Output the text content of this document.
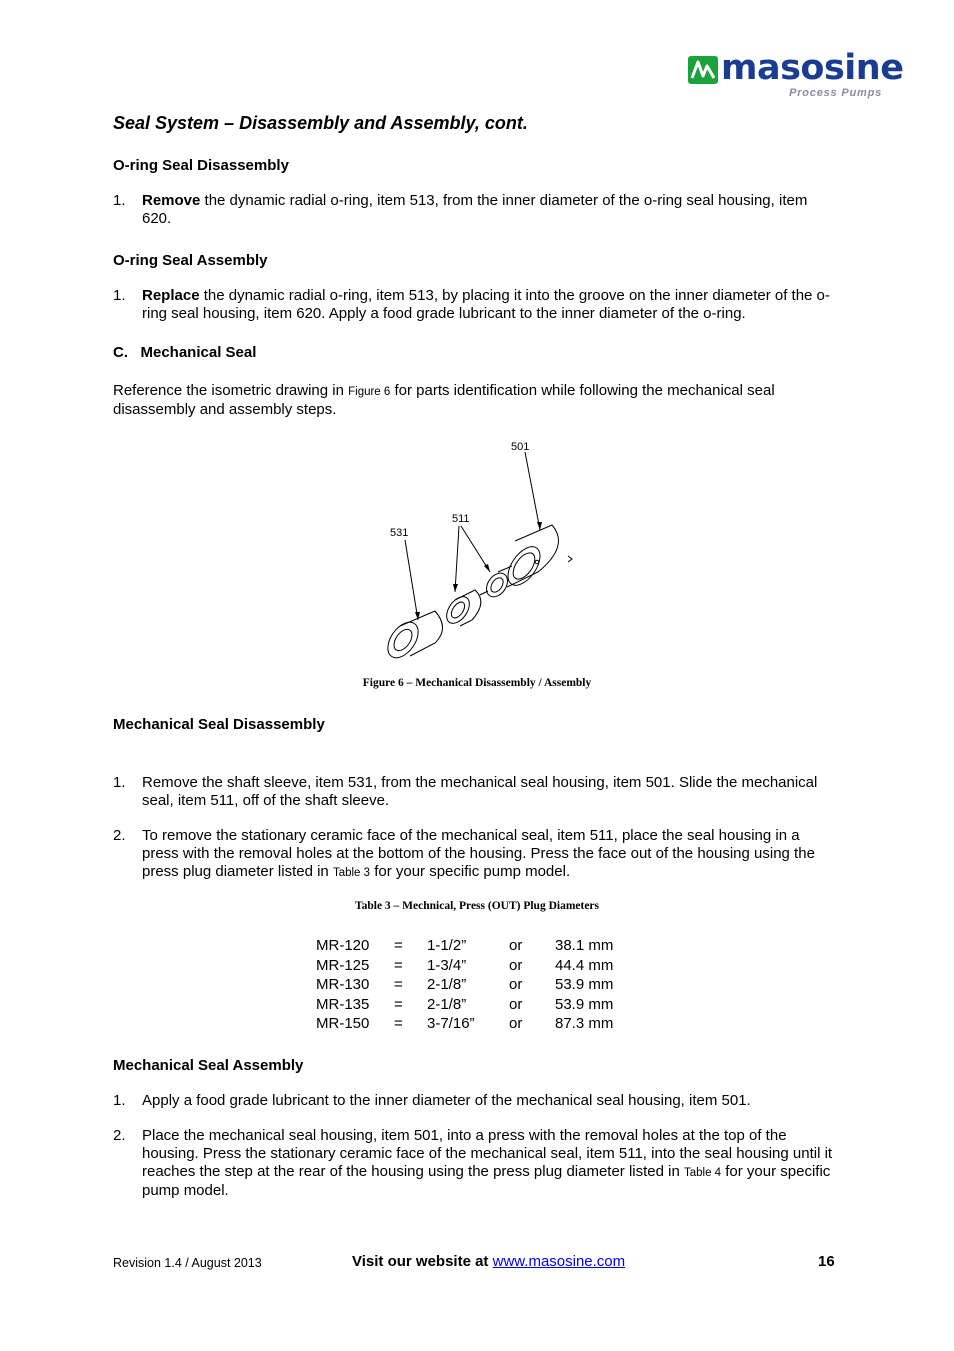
masosine
Process Pumps
Seal System – Disassembly and Assembly, cont.
O-ring Seal Disassembly
1. Remove the dynamic radial o-ring, item 513, from the inner diameter of the o-ring seal housing, item 620.
O-ring Seal Assembly
1. Replace the dynamic radial o-ring, item 513, by placing it into the groove on the inner diameter of the o-ring seal housing, item 620. Apply a food grade lubricant to the inner diameter of the o-ring.
C.   Mechanical Seal
Reference the isometric drawing in Figure 6 for parts identification while following the mechanical seal disassembly and assembly steps.
501
511
531
Figure 6 – Mechanical Disassembly / Assembly
Mechanical Seal Disassembly
1. Remove the shaft sleeve, item 531, from the mechanical seal housing, item 501. Slide the mechanical seal, item 511, off of the shaft sleeve.
2. To remove the stationary ceramic face of the mechanical seal, item 511, place the seal housing in a press with the removal holes at the bottom of the housing. Press the face out of the housing using the press plug diameter listed in Table 3 for your specific pump model.
Table 3 – Mechnical, Press (OUT) Plug Diameters
MR-120	=	1-1/2”	or	38.1 mm
MR-125	=	1-3/4”	or	44.4 mm
MR-130	=	2-1/8”	or	53.9 mm
MR-135	=	2-1/8”	or	53.9 mm
MR-150	=	3-7/16”	or	87.3 mm
Mechanical Seal Assembly
1. Apply a food grade lubricant to the inner diameter of the mechanical seal housing, item 501.
2. Place the mechanical seal housing, item 501, into a press with the removal holes at the top of the housing. Press the stationary ceramic face of the mechanical seal, item 511, into the seal housing until it reaches the step at the rear of the housing using the press plug diameter listed in Table 4 for your specific pump model.
Revision 1.4 / August 2013	Visit our website at www.masosine.com	16
